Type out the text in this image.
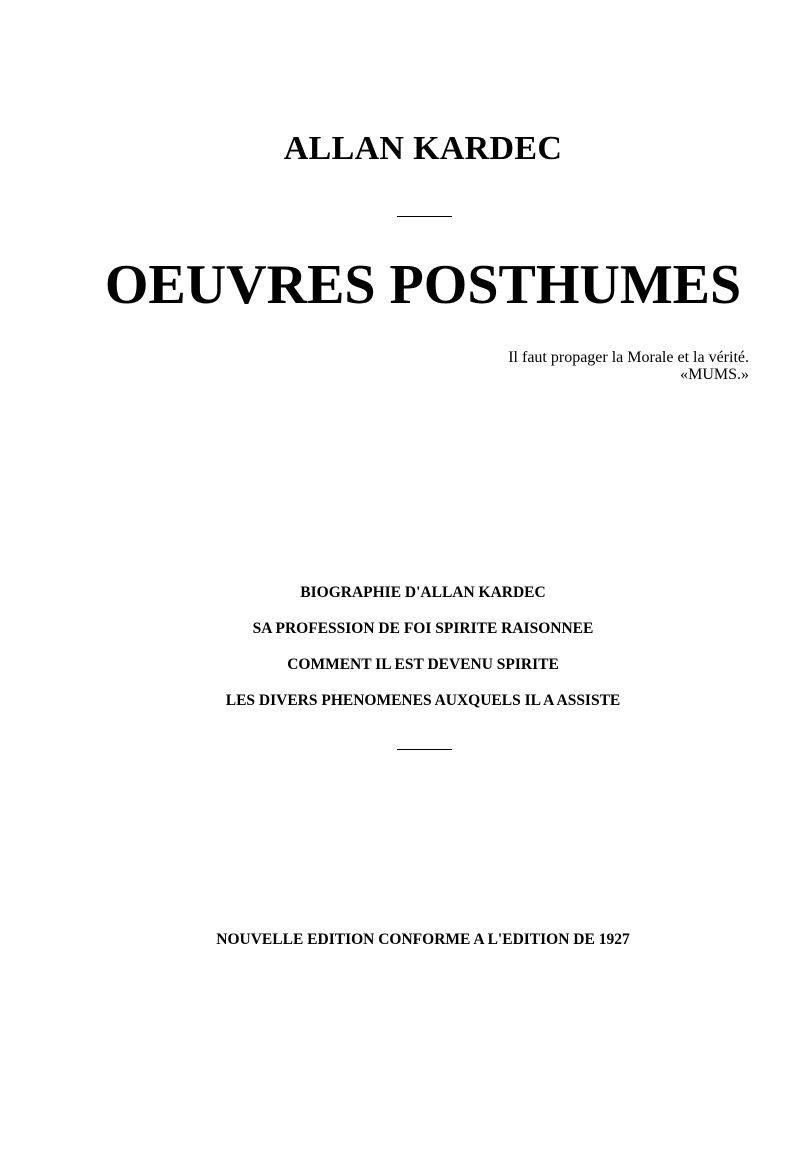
ALLAN KARDEC
OEUVRES POSTHUMES
Il faut propager la Morale et la vérité.
«MUMS.»
BIOGRAPHIE D'ALLAN KARDEC
SA PROFESSION DE FOI SPIRITE RAISONNEE
COMMENT IL EST DEVENU SPIRITE
LES DIVERS PHENOMENES AUXQUELS IL A ASSISTE
NOUVELLE EDITION CONFORME A L'EDITION DE 1927
